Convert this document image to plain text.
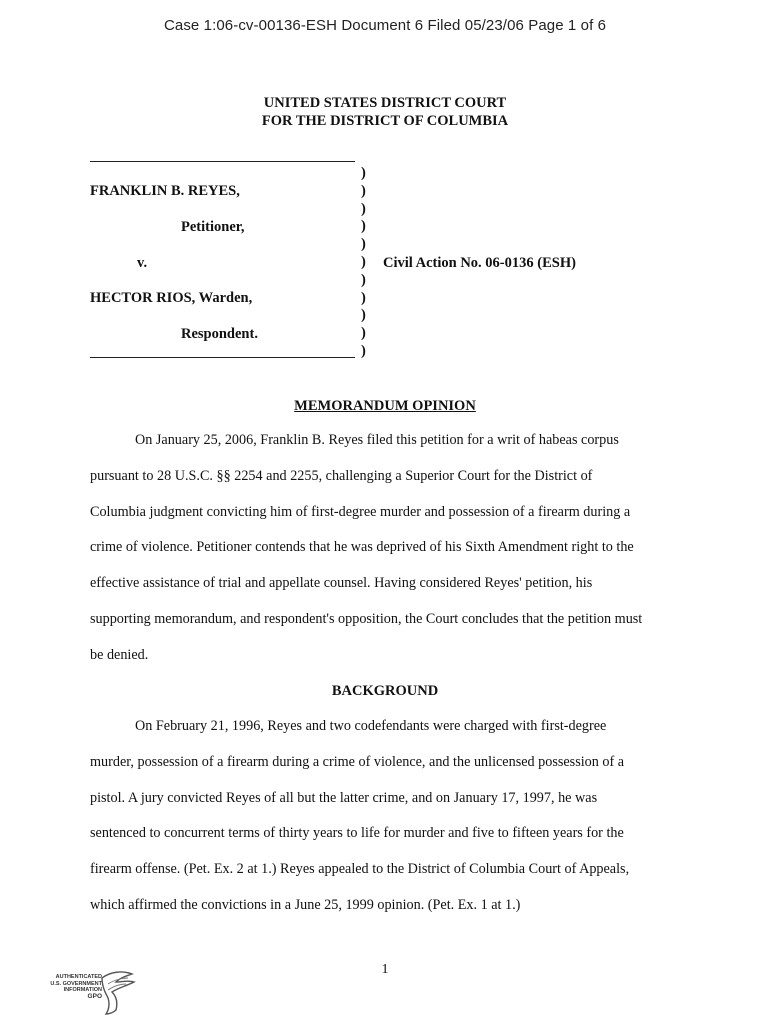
Case 1:06-cv-00136-ESH Document 6 Filed 05/23/06 Page 1 of 6
UNITED STATES DISTRICT COURT
FOR THE DISTRICT OF COLUMBIA
FRANKLIN B. REYES,
Petitioner,
v.
HECTOR RIOS, Warden,
Respondent.
)
)
)
)
)
)
)
)
)
)
)
Civil Action No. 06-0136 (ESH)
MEMORANDUM OPINION
On January 25, 2006, Franklin B. Reyes filed this petition for a writ of habeas corpus
pursuant to 28 U.S.C. §§ 2254 and 2255, challenging a Superior Court for the District of
Columbia judgment convicting him of first-degree murder and possession of a firearm during a
crime of violence. Petitioner contends that he was deprived of his Sixth Amendment right to the
effective assistance of trial and appellate counsel. Having considered Reyes' petition, his
supporting memorandum, and respondent's opposition, the Court concludes that the petition must
be denied.
BACKGROUND
On February 21, 1996, Reyes and two codefendants were charged with first-degree
murder, possession of a firearm during a crime of violence, and the unlicensed possession of a
pistol. A jury convicted Reyes of all but the latter crime, and on January 17, 1997, he was
sentenced to concurrent terms of thirty years to life for murder and five to fifteen years for the
firearm offense. (Pet. Ex. 2 at 1.) Reyes appealed to the District of Columbia Court of Appeals,
which affirmed the convictions in a June 25, 1999 opinion. (Pet. Ex. 1 at 1.)
1
AUTHENTICATED
U.S. GOVERNMENT
INFORMATION
GPO
